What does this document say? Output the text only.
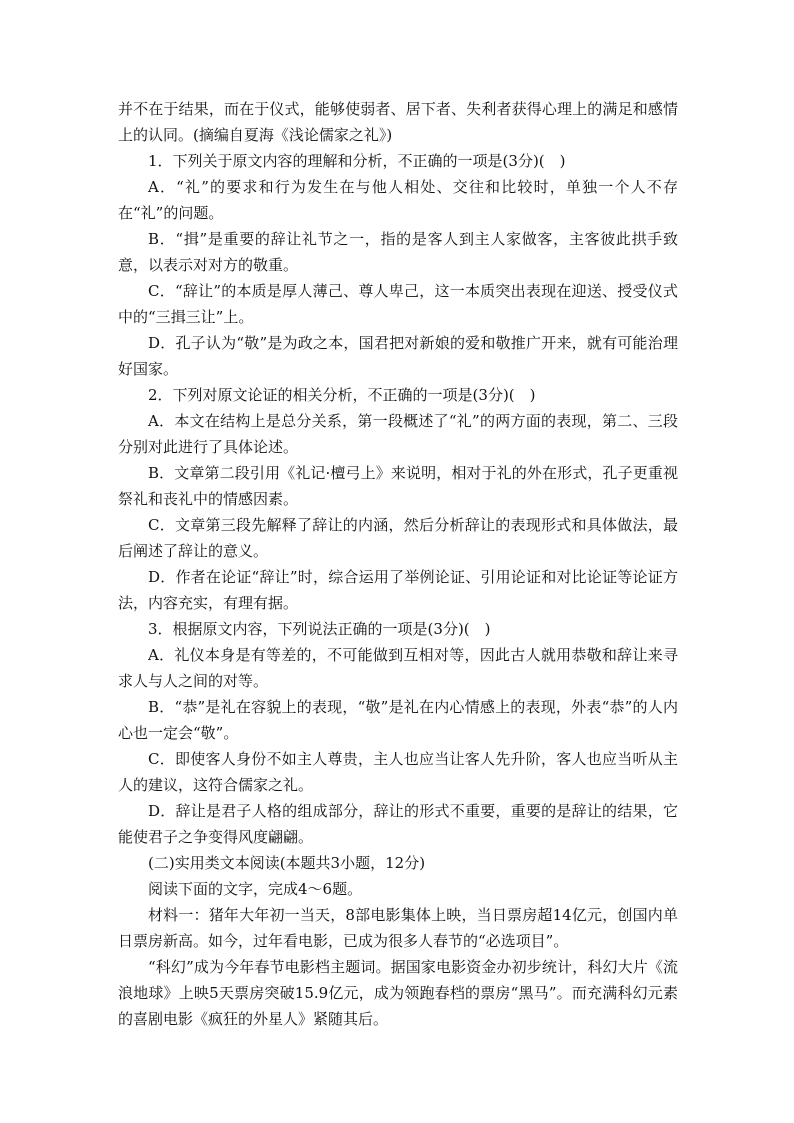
并不在于结果，而在于仪式，能够使弱者、居下者、失利者获得心理上的满足和感情上的认同。(摘编自夏海《浅论儒家之礼》)

1．下列关于原文内容的理解和分析，不正确的一项是(3分)(　)

A．“礼”的要求和行为发生在与他人相处、交往和比较时，单独一个人不存在“礼”的问题。

B．“揖”是重要的辞让礼节之一，指的是客人到主人家做客，主客彼此拱手致意，以表示对对方的敬重。

C．“辞让”的本质是厚人薄己、尊人卑己，这一本质突出表现在迎送、授受仪式中的“三揖三让”上。

D．孔子认为“敬”是为政之本，国君把对新娘的爱和敬推广开来，就有可能治理好国家。

2．下列对原文论证的相关分析，不正确的一项是(3分)(　)

A．本文在结构上是总分关系，第一段概述了“礼”的两方面的表现，第二、三段分别对此进行了具体论述。

B．文章第二段引用《礼记·檀弓上》来说明，相对于礼的外在形式，孔子更重视祭礼和丧礼中的情感因素。

C．文章第三段先解释了辞让的内涵，然后分析辞让的表现形式和具体做法，最后阐述了辞让的意义。

D．作者在论证“辞让”时，综合运用了举例论证、引用论证和对比论证等论证方法，内容充实，有理有据。

3．根据原文内容，下列说法正确的一项是(3分)(　)

A．礼仪本身是有等差的，不可能做到互相对等，因此古人就用恭敬和辞让来寻求人与人之间的对等。

B．“恭”是礼在容貌上的表现，“敬”是礼在内心情感上的表现，外表“恭”的人内心也一定会“敬”。

C．即使客人身份不如主人尊贵，主人也应当让客人先升阶，客人也应当听从主人的建议，这符合儒家之礼。

D．辞让是君子人格的组成部分，辞让的形式不重要，重要的是辞让的结果，它能使君子之争变得风度翩翩。

(二)实用类文本阅读(本题共3小题，12分)

阅读下面的文字，完成4～6题。

材料一：猪年大年初一当天，8部电影集体上映，当日票房超14亿元，创国内单日票房新高。如今，过年看电影，已成为很多人春节的“必选项目”。

“科幻”成为今年春节电影档主题词。据国家电影资金办初步统计，科幻大片《流浪地球》上映5天票房突破15.9亿元，成为领跑春档的票房“黑马”。而充满科幻元素的喜剧电影《疯狂的外星人》紧随其后。
